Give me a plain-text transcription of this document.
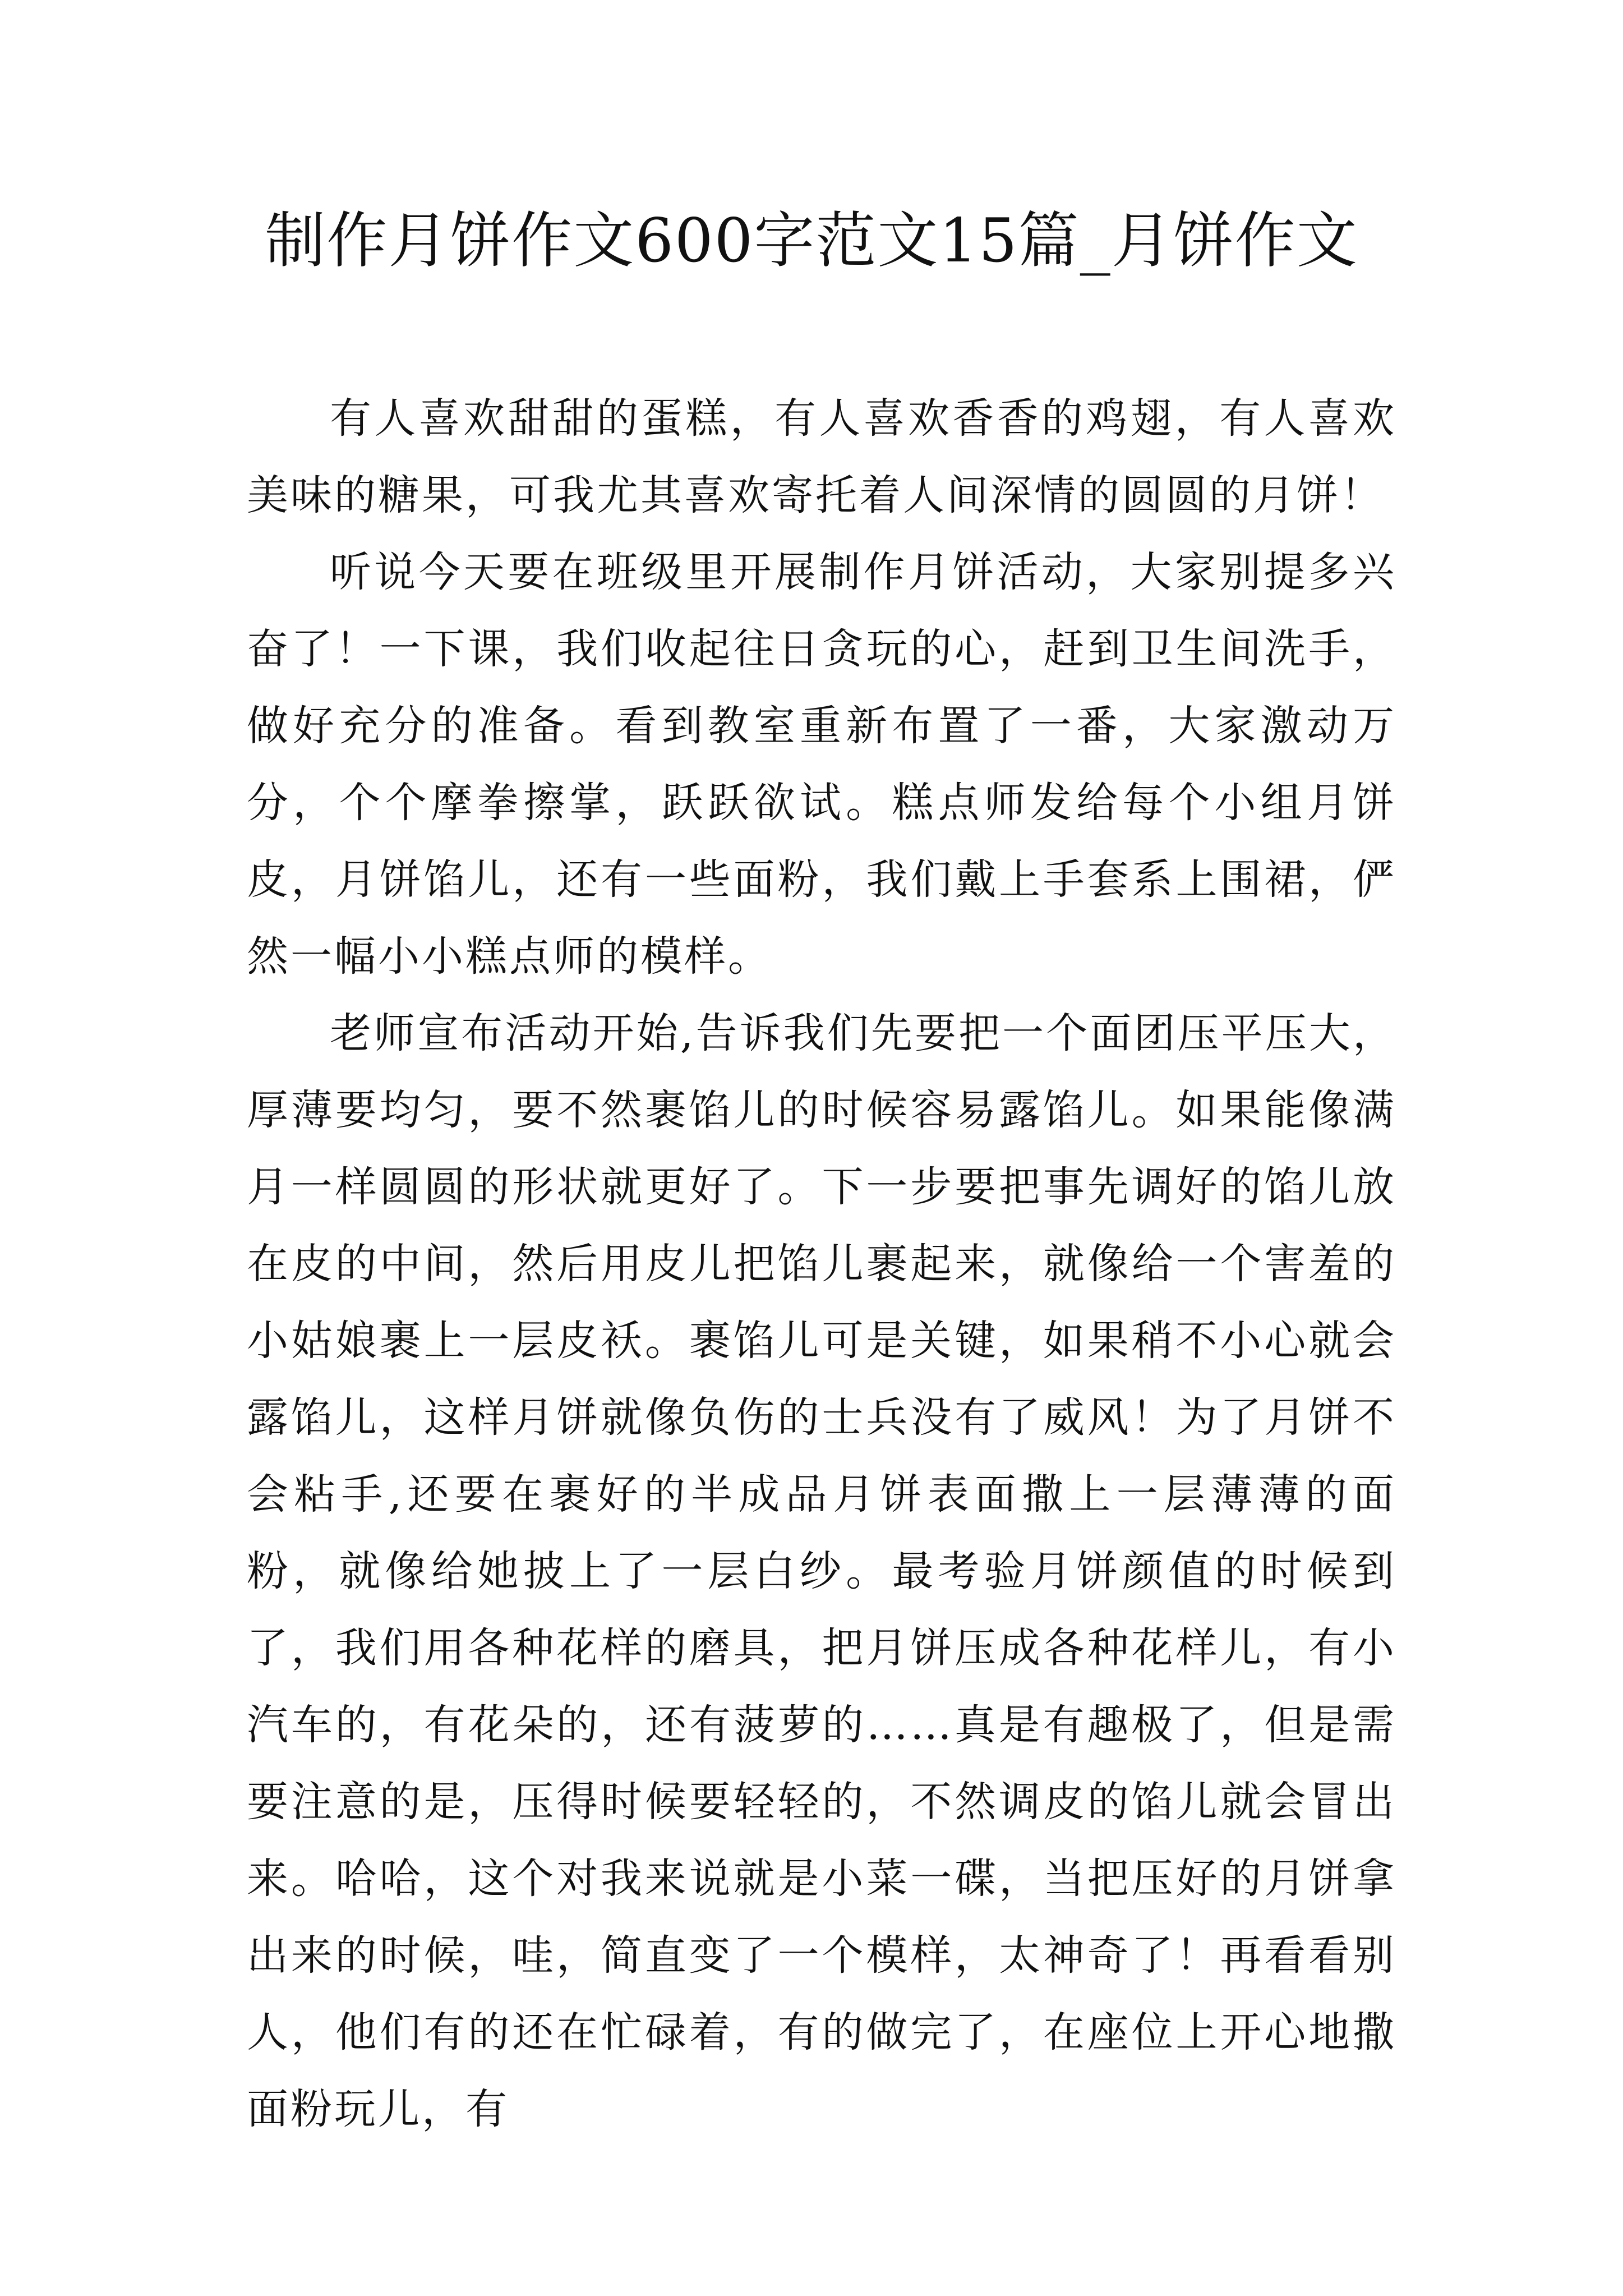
制作月饼作文600字范文15篇_月饼作文

有人喜欢甜甜的蛋糕，有人喜欢香香的鸡翅，有人喜欢美味的糖果，可我尤其喜欢寄托着人间深情的圆圆的月饼！

听说今天要在班级里开展制作月饼活动，大家别提多兴奋了！一下课，我们收起往日贪玩的心，赶到卫生间洗手，做好充分的准备。看到教室重新布置了一番，大家激动万分，个个摩拳擦掌，跃跃欲试。糕点师发给每个小组月饼皮，月饼馅儿，还有一些面粉，我们戴上手套系上围裙，俨然一幅小小糕点师的模样。

老师宣布活动开始,告诉我们先要把一个面团压平压大，厚薄要均匀，要不然裹馅儿的时候容易露馅儿。如果能像满月一样圆圆的形状就更好了。下一步要把事先调好的馅儿放在皮的中间，然后用皮儿把馅儿裹起来，就像给一个害羞的小姑娘裹上一层皮袄。裹馅儿可是关键，如果稍不小心就会露馅儿，这样月饼就像负伤的士兵没有了威风！为了月饼不会粘手,还要在裹好的半成品月饼表面撒上一层薄薄的面粉，就像给她披上了一层白纱。最考验月饼颜值的时候到了，我们用各种花样的磨具，把月饼压成各种花样儿，有小汽车的，有花朵的，还有菠萝的……真是有趣极了，但是需要注意的是，压得时候要轻轻的，不然调皮的馅儿就会冒出来。哈哈，这个对我来说就是小菜一碟，当把压好的月饼拿出来的时候，哇，简直变了一个模样，太神奇了！再看看别人，他们有的还在忙碌着，有的做完了，在座位上开心地撒面粉玩儿，有
